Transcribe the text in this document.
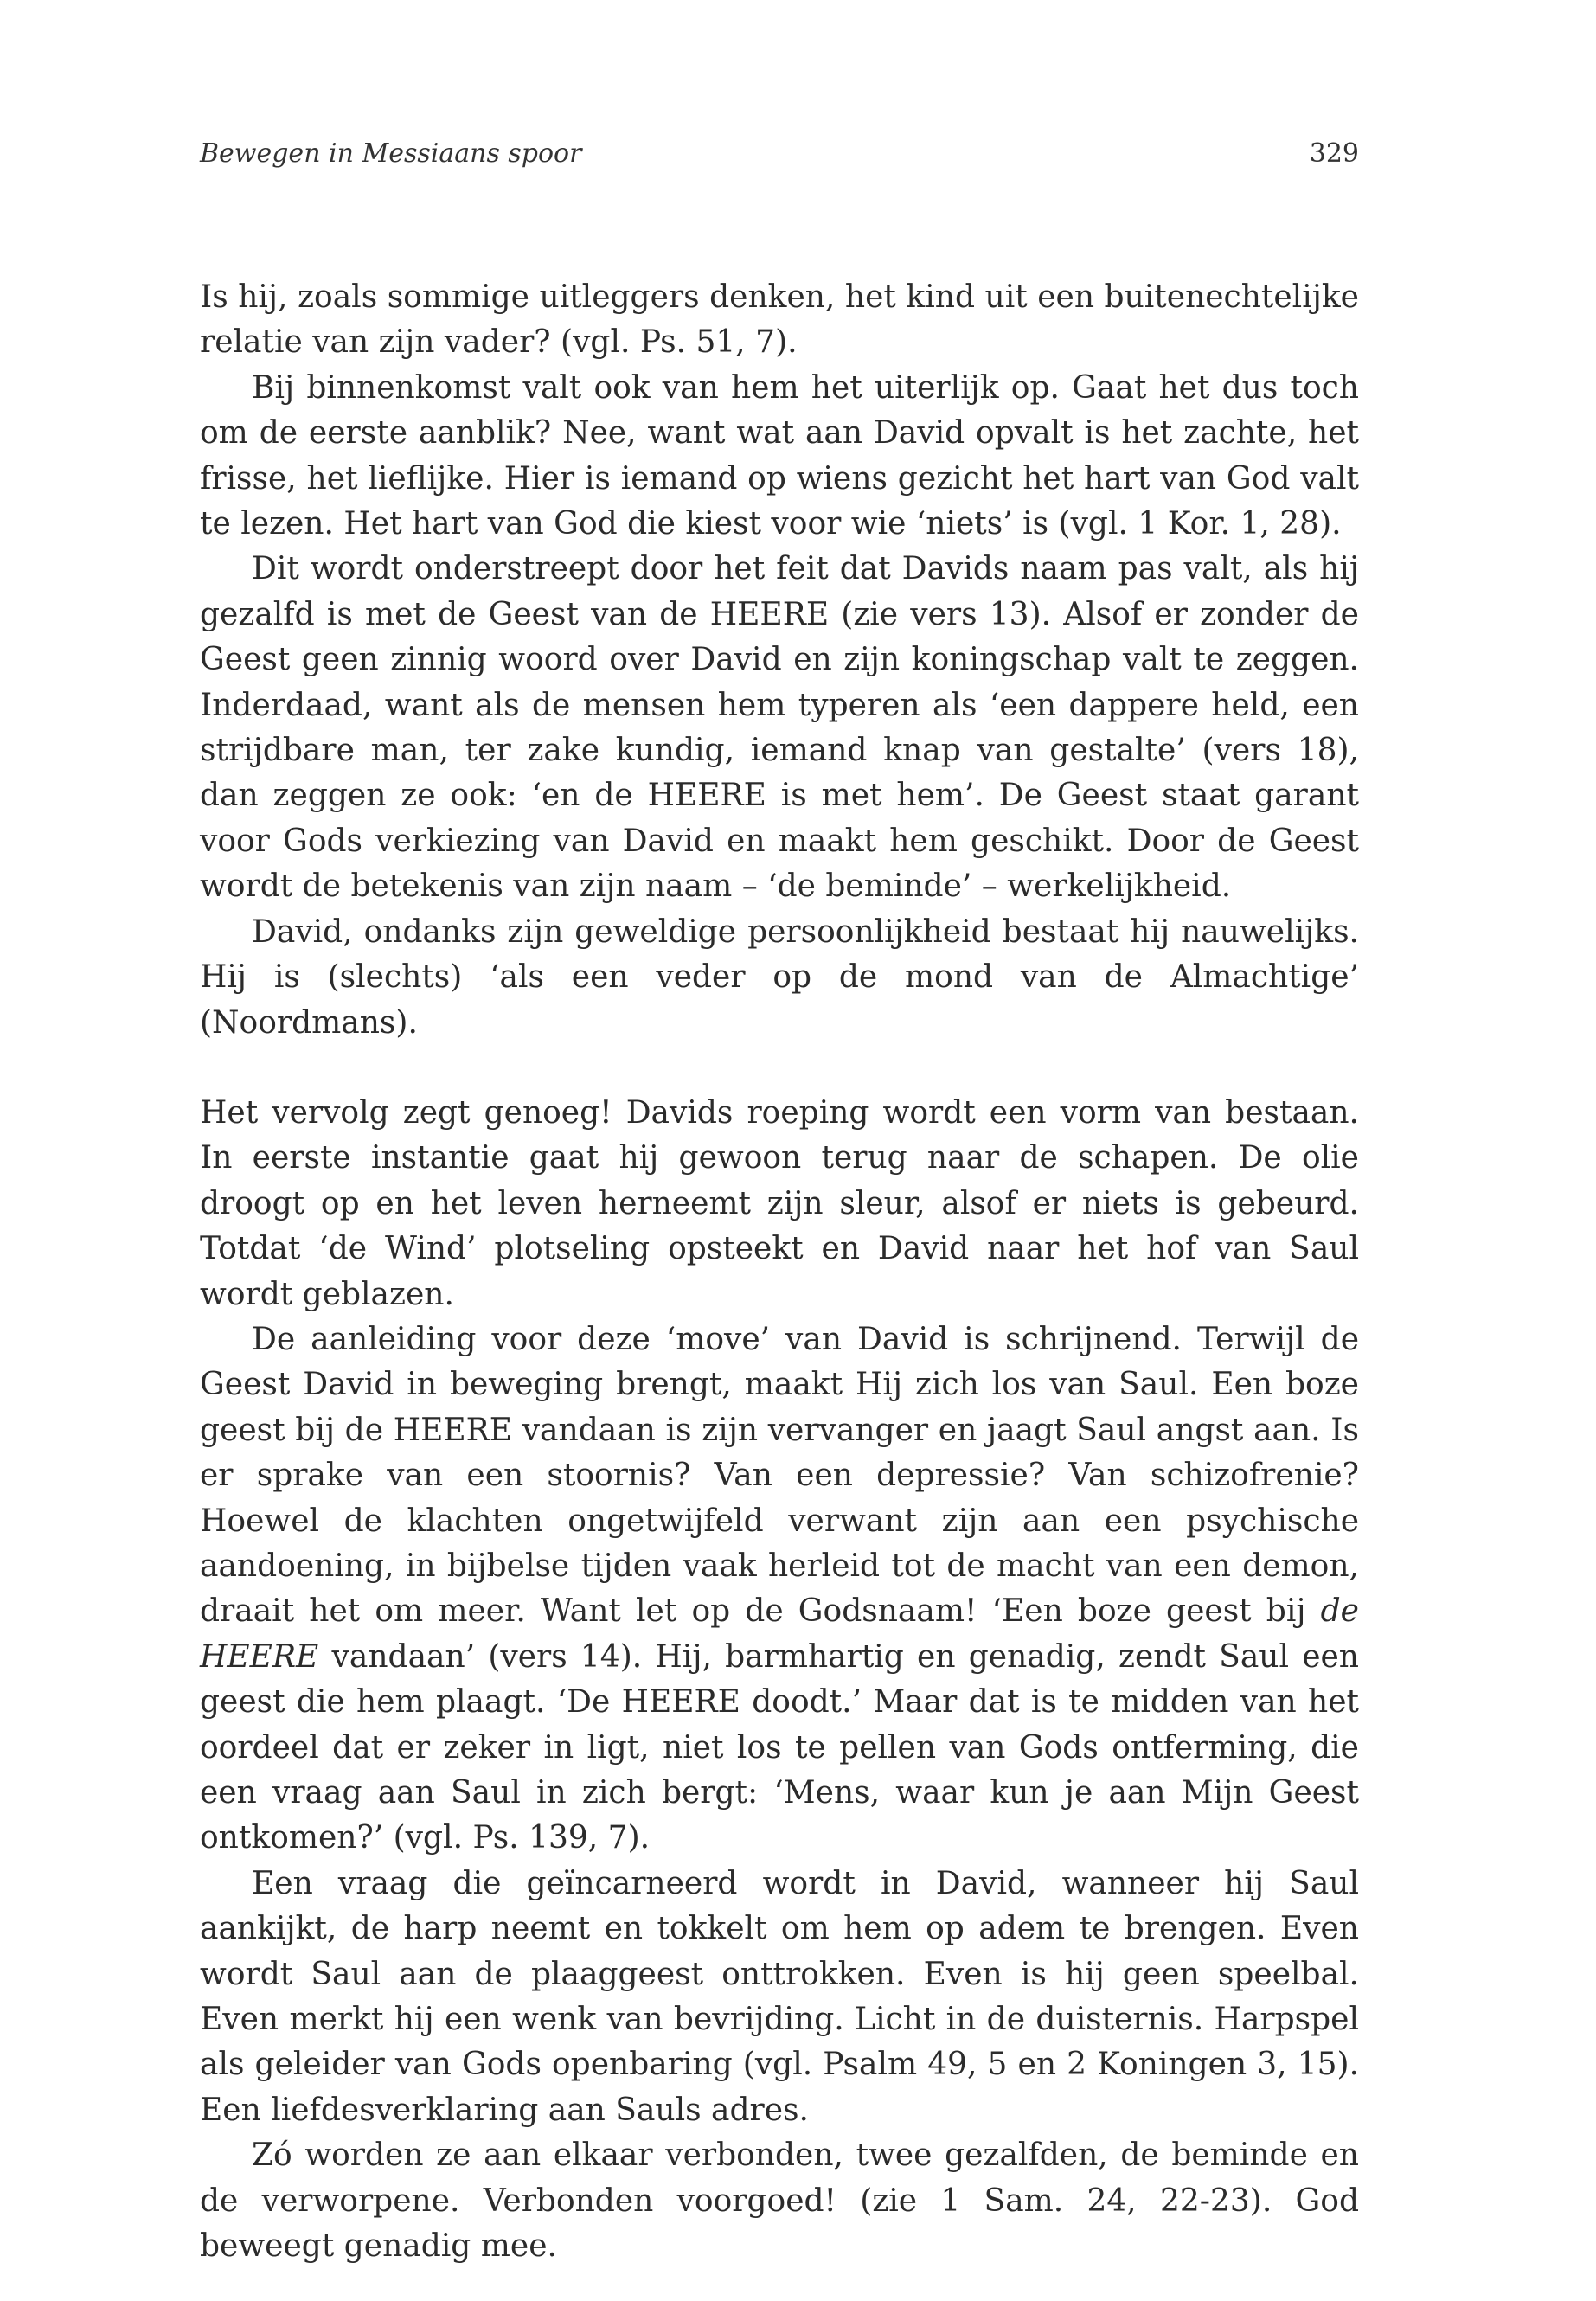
Bewegen in Messiaans spoor	329

Is hij, zoals sommige uitleggers denken, het kind uit een buitenechtelijke relatie van zijn vader? (vgl. Ps. 51, 7).

Bij binnenkomst valt ook van hem het uiterlijk op. Gaat het dus toch om de eerste aanblik? Nee, want wat aan David opvalt is het zachte, het frisse, het lieflijke. Hier is iemand op wiens gezicht het hart van God valt te lezen. Het hart van God die kiest voor wie ‘niets’ is (vgl. 1 Kor. 1, 28).

Dit wordt onderstreept door het feit dat Davids naam pas valt, als hij gezalfd is met de Geest van de HEERE (zie vers 13). Alsof er zonder de Geest geen zinnig woord over David en zijn koningschap valt te zeggen. Inderdaad, want als de mensen hem typeren als ‘een dappere held, een strijdbare man, ter zake kundig, iemand knap van gestalte’ (vers 18), dan zeggen ze ook: ‘en de HEERE is met hem’. De Geest staat garant voor Gods verkiezing van David en maakt hem geschikt. Door de Geest wordt de betekenis van zijn naam – ‘de beminde’ – werkelijkheid.

David, ondanks zijn geweldige persoonlijkheid bestaat hij nauwelijks. Hij is (slechts) ‘als een veder op de mond van de Almachtige’ (Noordmans).

Het vervolg zegt genoeg! Davids roeping wordt een vorm van bestaan. In eerste instantie gaat hij gewoon terug naar de schapen. De olie droogt op en het leven herneemt zijn sleur, alsof er niets is gebeurd. Totdat ‘de Wind’ plotseling opsteekt en David naar het hof van Saul wordt geblazen.

De aanleiding voor deze ‘move’ van David is schrijnend. Terwijl de Geest David in beweging brengt, maakt Hij zich los van Saul. Een boze geest bij de HEERE vandaan is zijn vervanger en jaagt Saul angst aan. Is er sprake van een stoornis? Van een depressie? Van schizofrenie? Hoewel de klachten ongetwijfeld verwant zijn aan een psychische aandoening, in bijbelse tijden vaak herleid tot de macht van een demon, draait het om meer. Want let op de Godsnaam! ‘Een boze geest bij de HEERE vandaan’ (vers 14). Hij, barmhartig en genadig, zendt Saul een geest die hem plaagt. ‘De HEERE doodt.’ Maar dat is te midden van het oordeel dat er zeker in ligt, niet los te pellen van Gods ontferming, die een vraag aan Saul in zich bergt: ‘Mens, waar kun je aan Mijn Geest ontkomen?’ (vgl. Ps. 139, 7).

Een vraag die geïncarneerd wordt in David, wanneer hij Saul aankijkt, de harp neemt en tokkelt om hem op adem te brengen. Even wordt Saul aan de plaaggeest onttrokken. Even is hij geen speelbal. Even merkt hij een wenk van bevrijding. Licht in de duisternis. Harpspel als geleider van Gods openbaring (vgl. Psalm 49, 5 en 2 Koningen 3, 15). Een liefdesverklaring aan Sauls adres.

Zó worden ze aan elkaar verbonden, twee gezalfden, de beminde en de verworpene. Verbonden voorgoed! (zie 1 Sam. 24, 22-23). God beweegt genadig mee.
